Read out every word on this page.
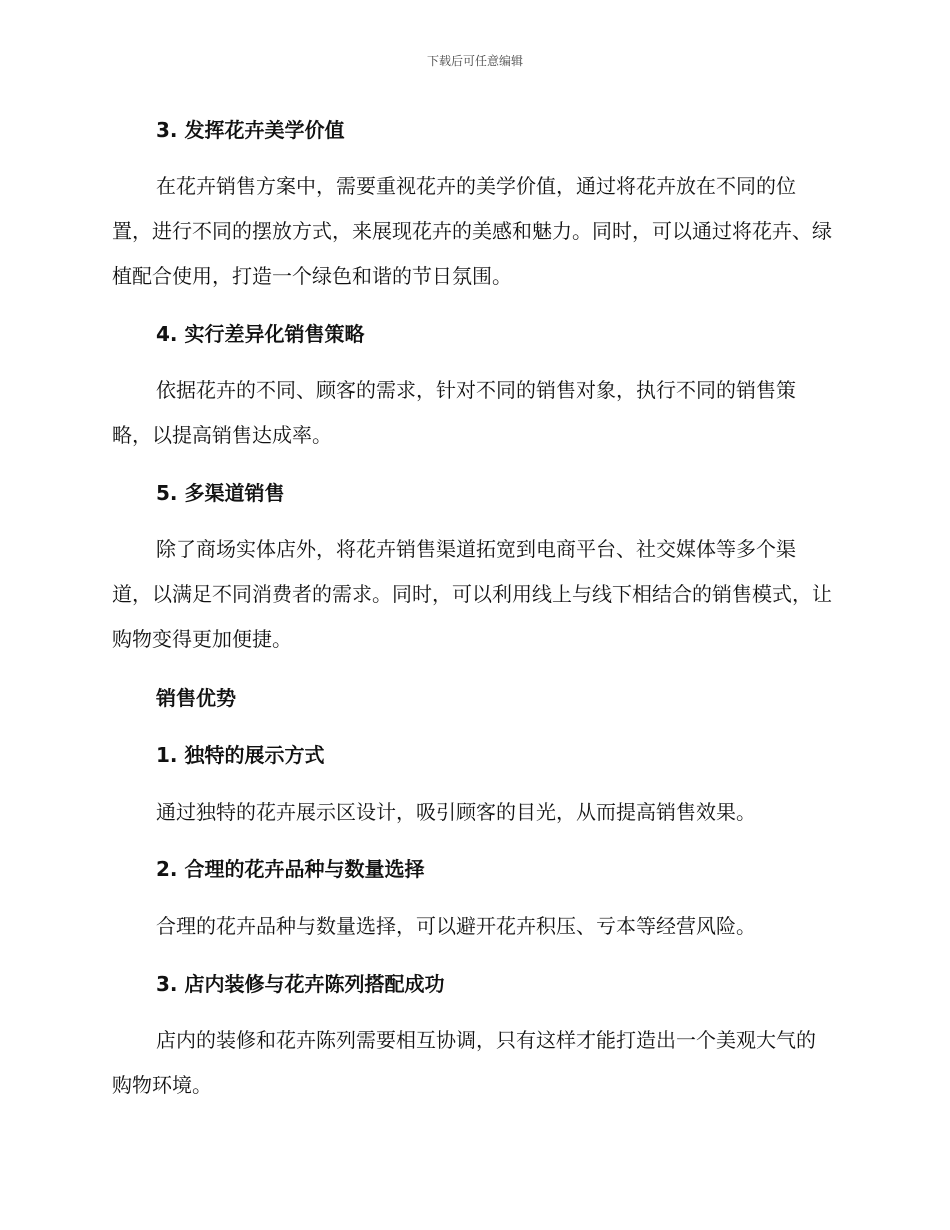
下载后可任意编辑
3. 发挥花卉美学价值
在花卉销售方案中，需要重视花卉的美学价值，通过将花卉放在不同的位置，进行不同的摆放方式，来展现花卉的美感和魅力。同时，可以通过将花卉、绿植配合使用，打造一个绿色和谐的节日氛围。
4. 实行差异化销售策略
依据花卉的不同、顾客的需求，针对不同的销售对象，执行不同的销售策略，以提高销售达成率。
5. 多渠道销售
除了商场实体店外，将花卉销售渠道拓宽到电商平台、社交媒体等多个渠道，以满足不同消费者的需求。同时，可以利用线上与线下相结合的销售模式，让购物变得更加便捷。
销售优势
1. 独特的展示方式
通过独特的花卉展示区设计，吸引顾客的目光，从而提高销售效果。
2. 合理的花卉品种与数量选择
合理的花卉品种与数量选择，可以避开花卉积压、亏本等经营风险。
3. 店内装修与花卉陈列搭配成功
店内的装修和花卉陈列需要相互协调，只有这样才能打造出一个美观大气的购物环境。
